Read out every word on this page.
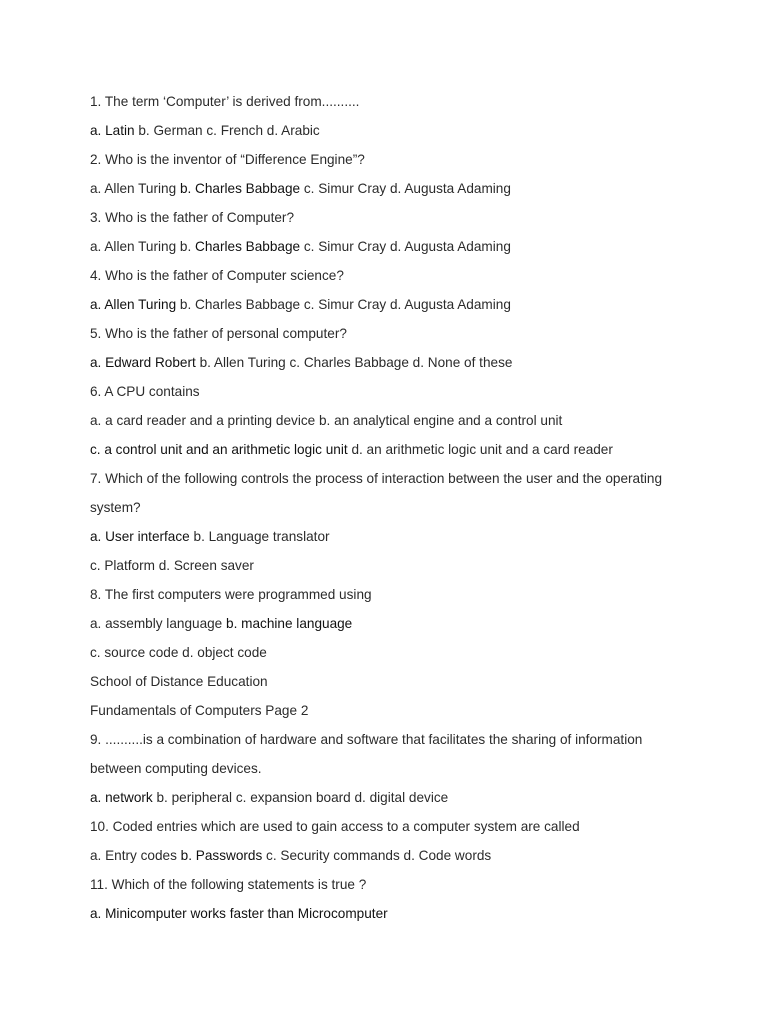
1. The term ‘Computer’ is derived from..........
a. Latin b. German c. French d. Arabic
2. Who is the inventor of “Difference Engine”?
a. Allen Turing b. Charles Babbage c. Simur Cray d. Augusta Adaming
3. Who is the father of Computer?
a. Allen Turing b. Charles Babbage c. Simur Cray d. Augusta Adaming
4. Who is the father of Computer science?
a. Allen Turing b. Charles Babbage c. Simur Cray d. Augusta Adaming
5. Who is the father of personal computer?
a. Edward Robert b. Allen Turing c. Charles Babbage d. None of these
6. A CPU contains
a. a card reader and a printing device b. an analytical engine and a control unit
c. a control unit and an arithmetic logic unit d. an arithmetic logic unit and a card reader
7. Which of the following controls the process of interaction between the user and the operating
system?
a. User interface b. Language translator
c. Platform d. Screen saver
8. The first computers were programmed using
a. assembly language b. machine language
c. source code d. object code
School of Distance Education
Fundamentals of Computers Page 2
9. ..........is a combination of hardware and software that facilitates the sharing of information
between computing devices.
a. network b. peripheral c. expansion board d. digital device
10. Coded entries which are used to gain access to a computer system are called
a. Entry codes b. Passwords c. Security commands d. Code words
11. Which of the following statements is true ?
a. Minicomputer works faster than Microcomputer
